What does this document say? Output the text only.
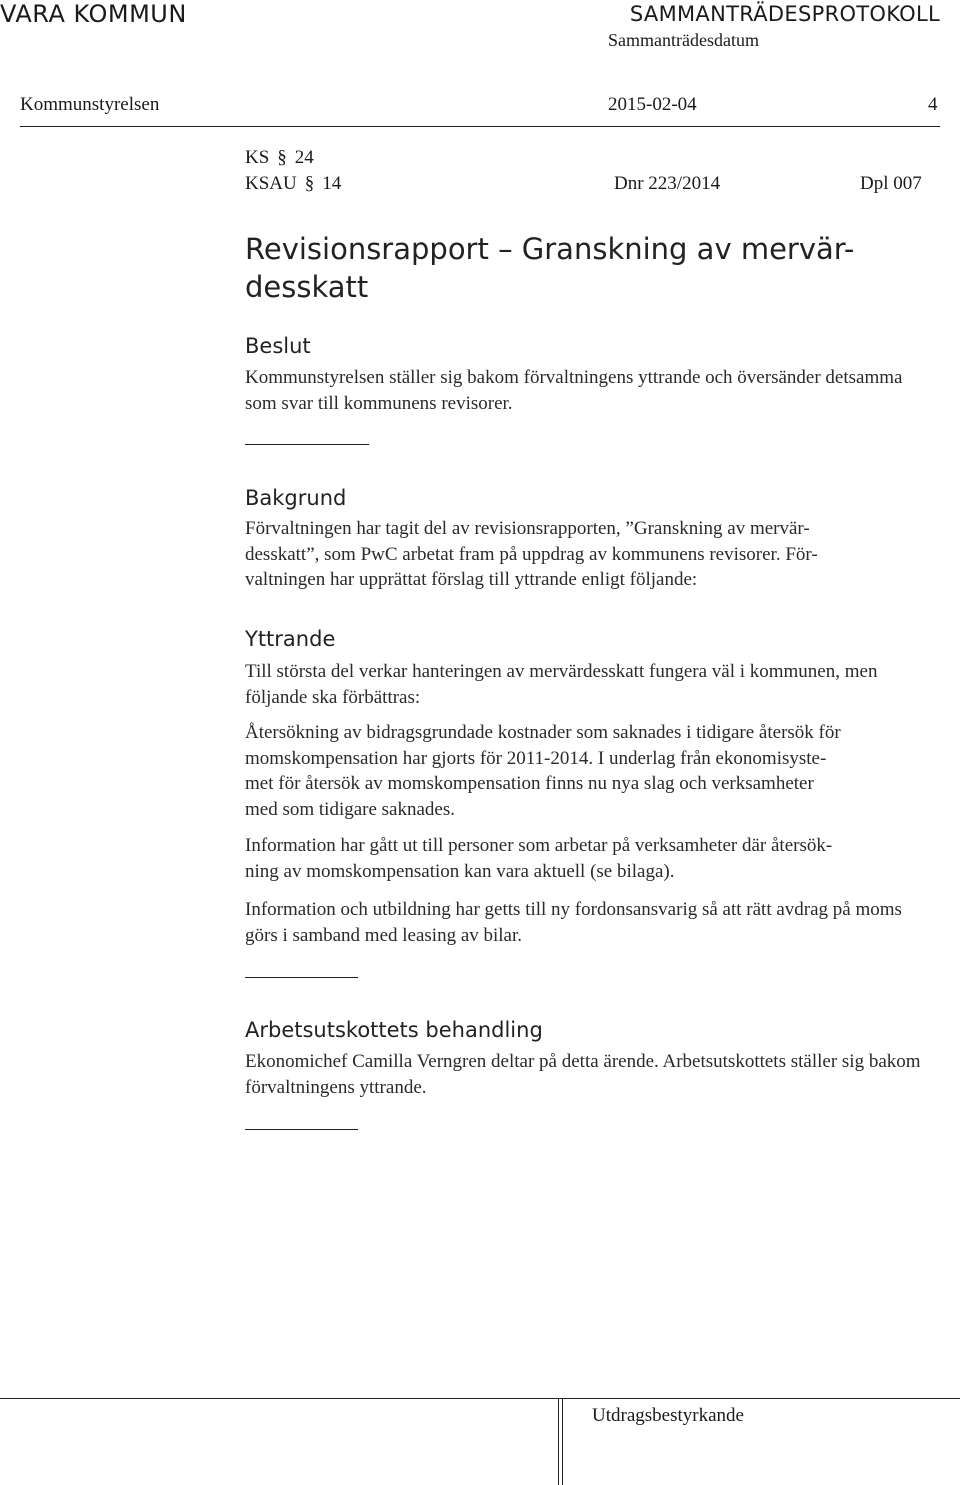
VARA KOMMUN	SAMMANTRÄDESPROTOKOLL
Sammanträdesdatum
Kommunstyrelsen	2015-02-04	4
KS § 24
KSAU § 14	Dnr 223/2014	Dpl 007
Revisionsrapport – Granskning av mervär-
desskatt
Beslut
Kommunstyrelsen ställer sig bakom förvaltningens yttrande och översänder detsamma som svar till kommunens revisorer.
Bakgrund
Förvaltningen har tagit del av revisionsrapporten, ”Granskning av mervär-
desskatt”, som PwC arbetat fram på uppdrag av kommunens revisorer. För-
valtningen har upprättat förslag till yttrande enligt följande:
Yttrande
Till största del verkar hanteringen av mervärdesskatt fungera väl i kommunen, men följande ska förbättras:
Återsökning av bidragsgrundade kostnader som saknades i tidigare återsök för
momskompensation har gjorts för 2011-2014. I underlag från ekonomisyste-
met för återsök av momskompensation finns nu nya slag och verksamheter
med som tidigare saknades.
Information har gått ut till personer som arbetar på verksamheter där återsök-
ning av momskompensation kan vara aktuell (se bilaga).
Information och utbildning har getts till ny fordonsansvarig så att rätt avdrag på moms görs i samband med leasing av bilar.
Arbetsutskottets behandling
Ekonomichef Camilla Verngren deltar på detta ärende. Arbetsutskottets ställer sig bakom förvaltningens yttrande.
Utdragsbestyrkande
